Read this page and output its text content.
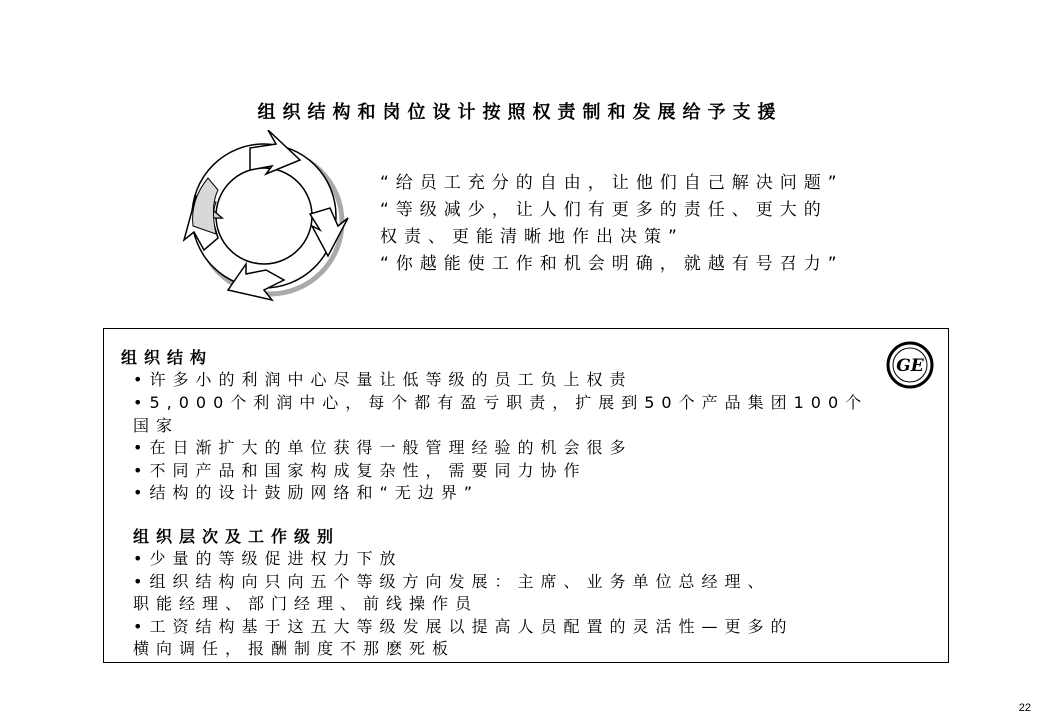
组织结构和岗位设计按照权责制和发展给予支援
“给员工充分的自由，让他们自己解决问题”
“等级减少，让人们有更多的责任、更大的
权责、更能清晰地作出决策”
“你越能使工作和机会明确，就越有号召力”
GE
组织结构
•许多小的利润中心尽量让低等级的员工负上权责
•5,000个利润中心，每个都有盈亏职责，扩展到50个产品集团100个
国家
•在日渐扩大的单位获得一般管理经验的机会很多
•不同产品和国家构成复杂性，需要同力协作
•结构的设计鼓励网络和“无边界”
组织层次及工作级别
•少量的等级促进权力下放
•组织结构向只向五个等级方向发展：主席、业务单位总经理、
职能经理、部门经理、前线操作员
•工资结构基于这五大等级发展以提高人员配置的灵活性—更多的
横向调任，报酬制度不那麽死板
22
